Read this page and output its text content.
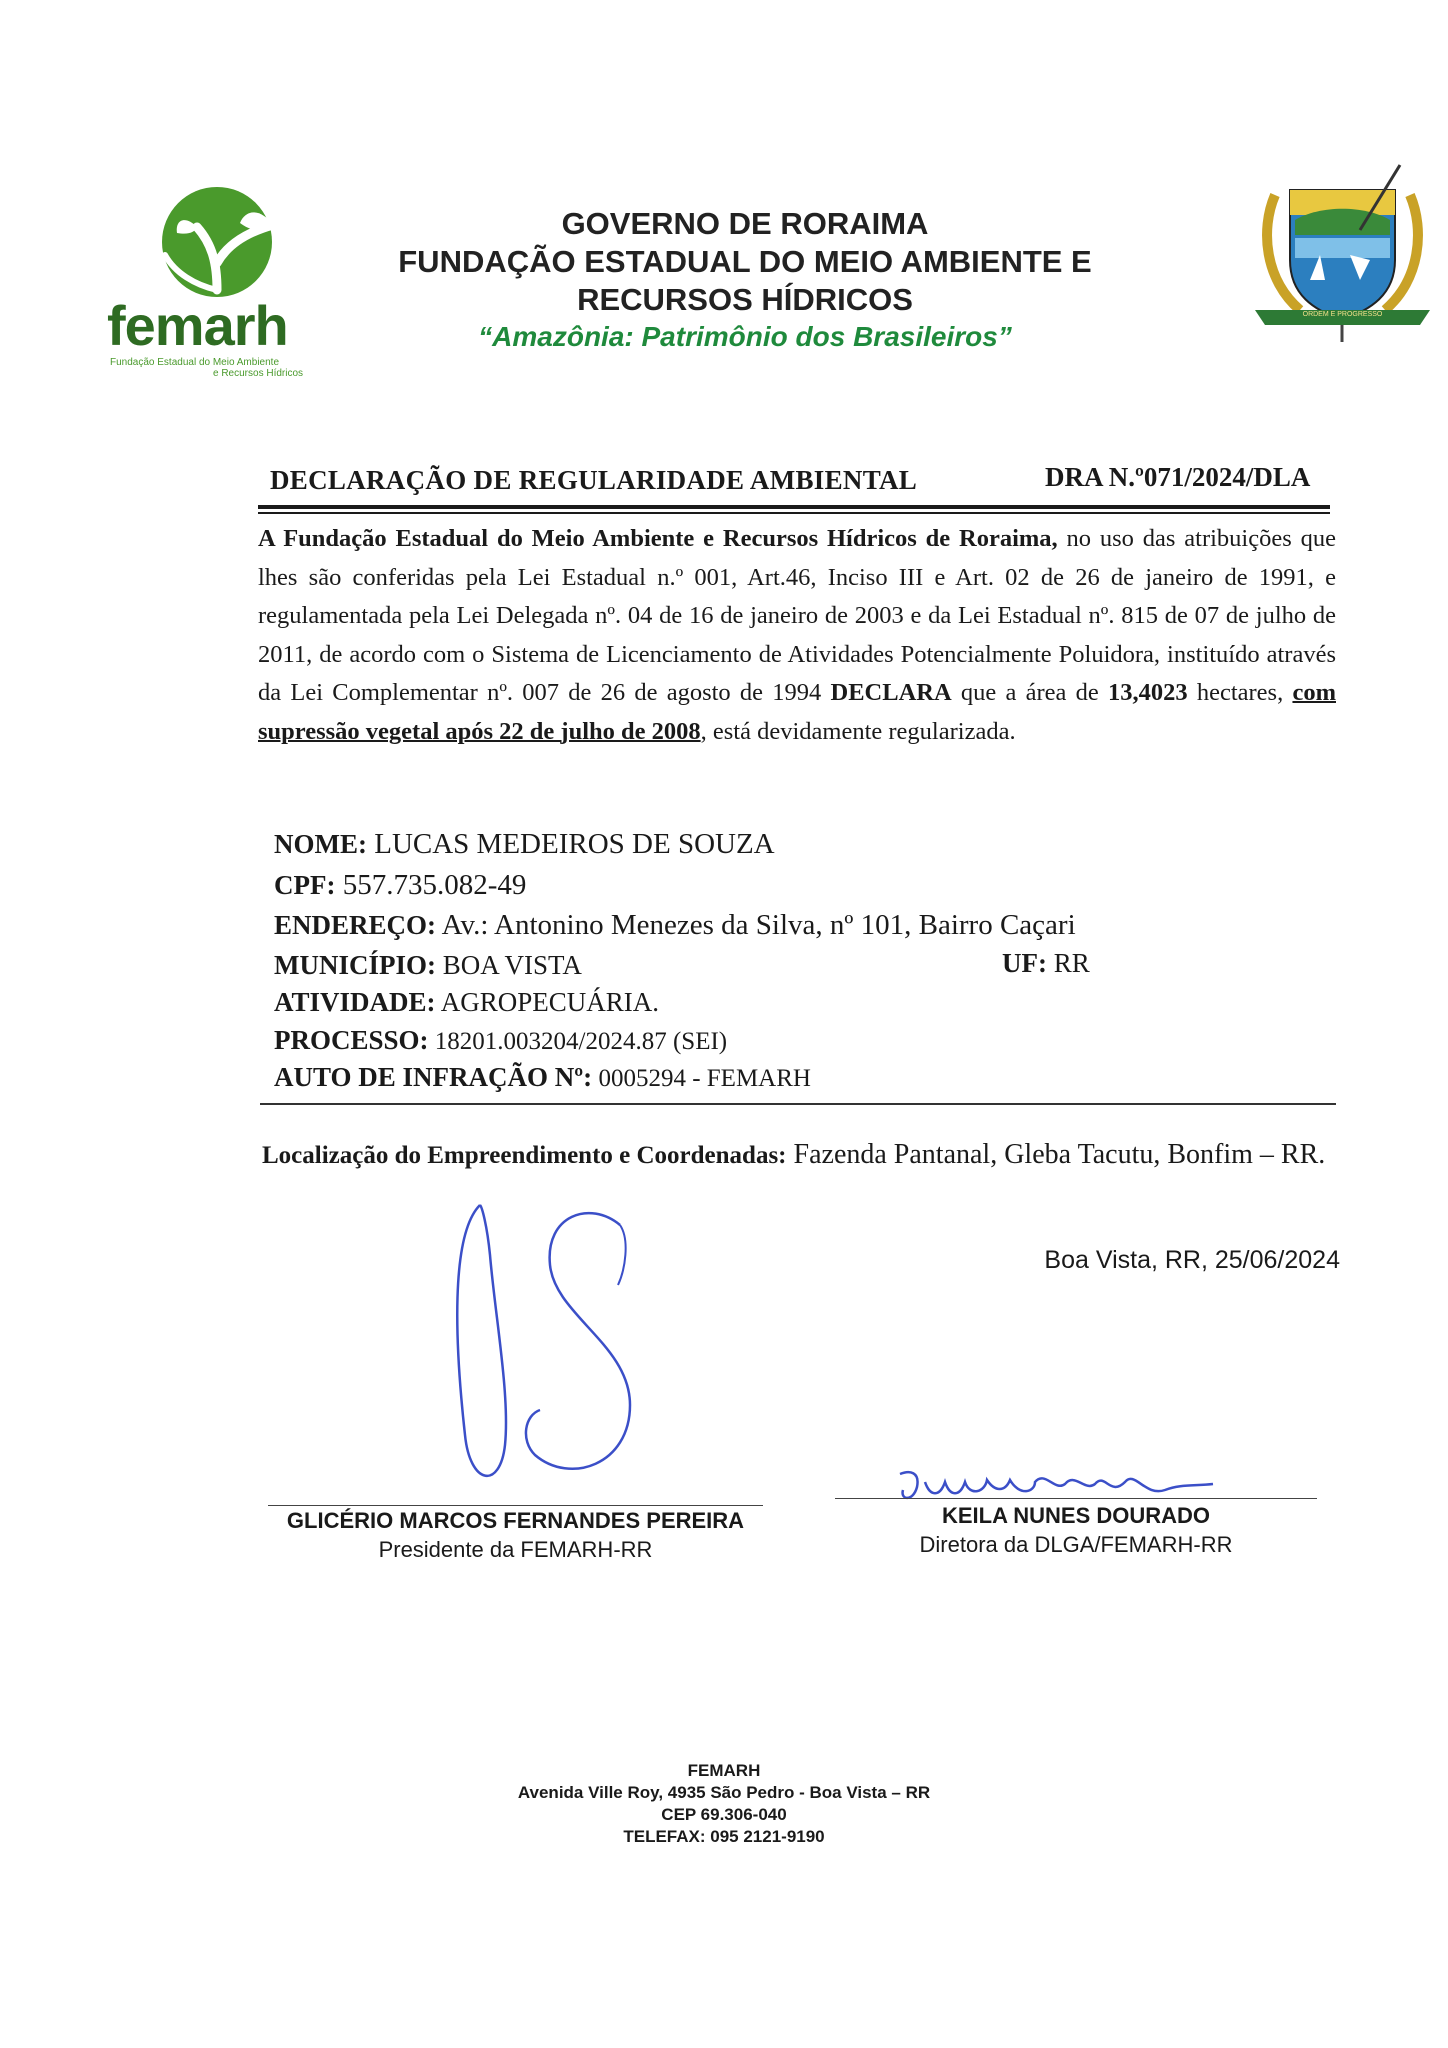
femarh
Fundação Estadual do Meio Ambiente
e Recursos Hídricos
GOVERNO DE RORAIMA
FUNDAÇÃO ESTADUAL DO MEIO AMBIENTE E
RECURSOS HÍDRICOS
“Amazônia: Patrimônio dos Brasileiros”
ORDEM E PROGRESSO
DECLARAÇÃO DE REGULARIDADE AMBIENTAL	DRA N.º071/2024/DLA
A Fundação Estadual do Meio Ambiente e Recursos Hídricos de Roraima, no uso das atribuições que lhes são conferidas pela Lei Estadual n.º 001, Art.46, Inciso III e Art. 02 de 26 de janeiro de 1991, e regulamentada pela Lei Delegada nº. 04 de 16 de janeiro de 2003 e da Lei Estadual nº. 815 de 07 de julho de 2011, de acordo com o Sistema de Licenciamento de Atividades Potencialmente Poluidora, instituído através da Lei Complementar nº. 007 de 26 de agosto de 1994 DECLARA que a área de 13,4023 hectares, com supressão vegetal após 22 de julho de 2008, está devidamente regularizada.
NOME: LUCAS MEDEIROS DE SOUZA
CPF: 557.735.082-49
ENDEREÇO: Av.: Antonino Menezes da Silva, nº 101, Bairro Caçari
MUNICÍPIO: BOA VISTA	UF: RR
ATIVIDADE: AGROPECUÁRIA.
PROCESSO: 18201.003204/2024.87 (SEI)
AUTO DE INFRAÇÃO Nº: 0005294 - FEMARH
Localização do Empreendimento e Coordenadas: Fazenda Pantanal, Gleba Tacutu, Bonfim – RR.
Boa Vista, RR, 25/06/2024
GLICÉRIO MARCOS FERNANDES PEREIRA
Presidente da FEMARH-RR
KEILA NUNES DOURADO
Diretora da DLGA/FEMARH-RR
FEMARH
Avenida Ville Roy, 4935 São Pedro - Boa Vista – RR
CEP 69.306-040
TELEFAX: 095 2121-9190
